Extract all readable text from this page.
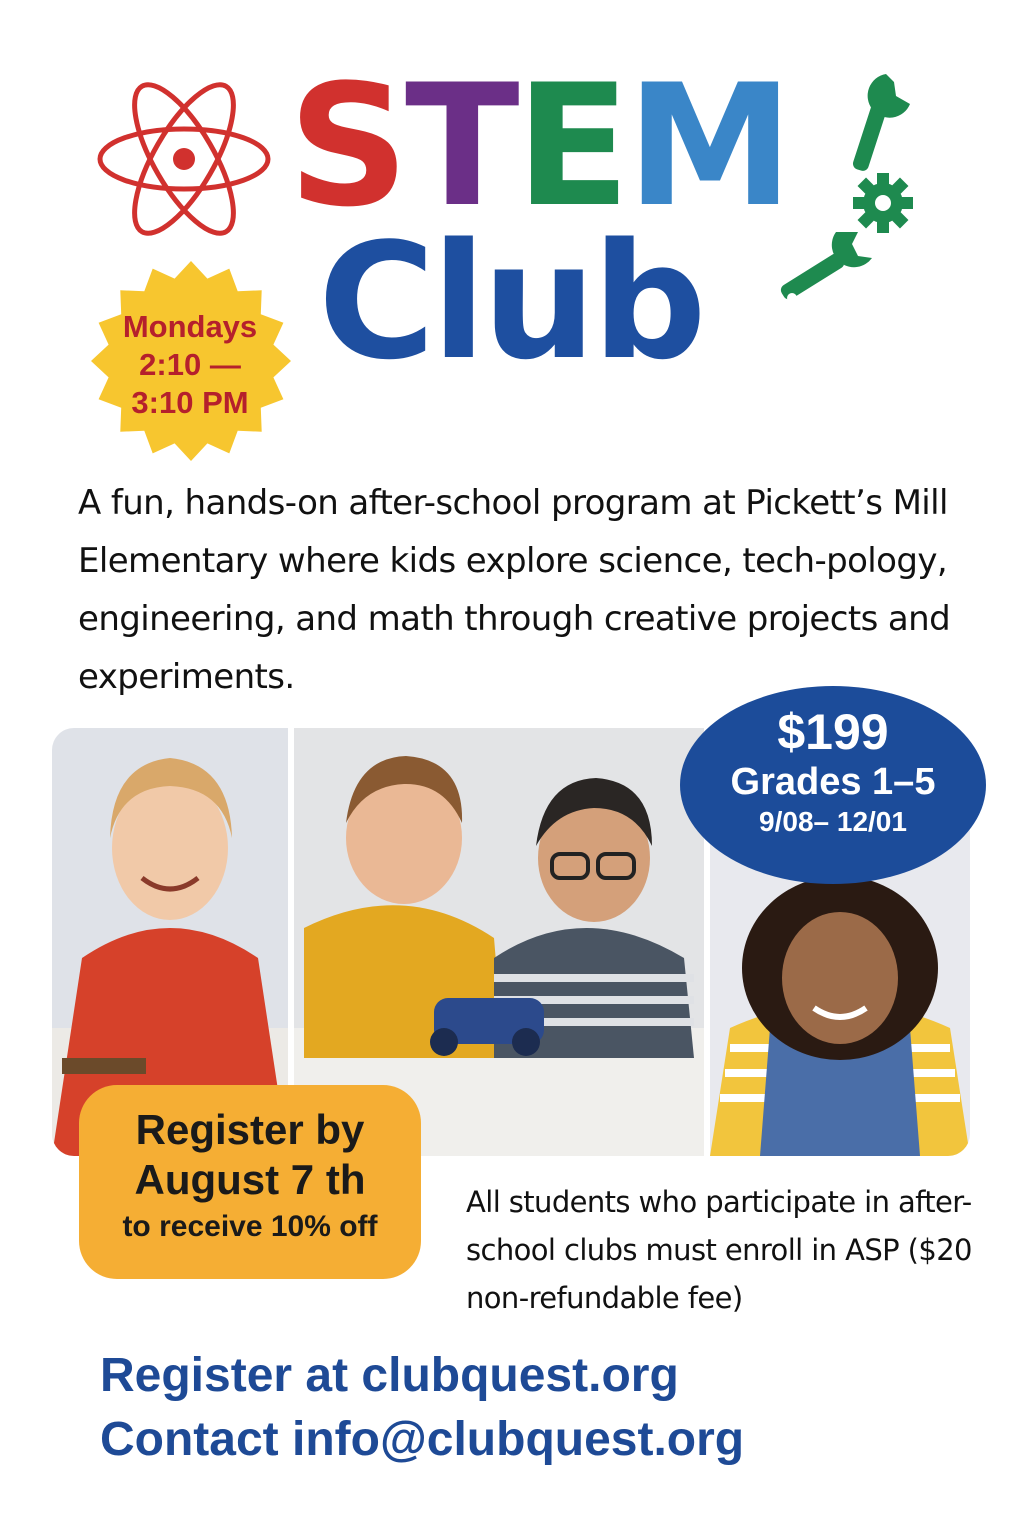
STEM
Club
Mondays
2:10 —
3:10 PM
A fun, hands-on after-school program at Pickett’s Mill Elementary where kids explore science, tech-pology, engineering, and math through creative projects and experiments.
$199
Grades 1–5
9/08– 12/01
Register by
August 7 th
to receive 10% off
All students who participate in after-school clubs must enroll in ASP ($20 non-refundable fee)
Register at clubquest.org
Contact info@clubquest.org
